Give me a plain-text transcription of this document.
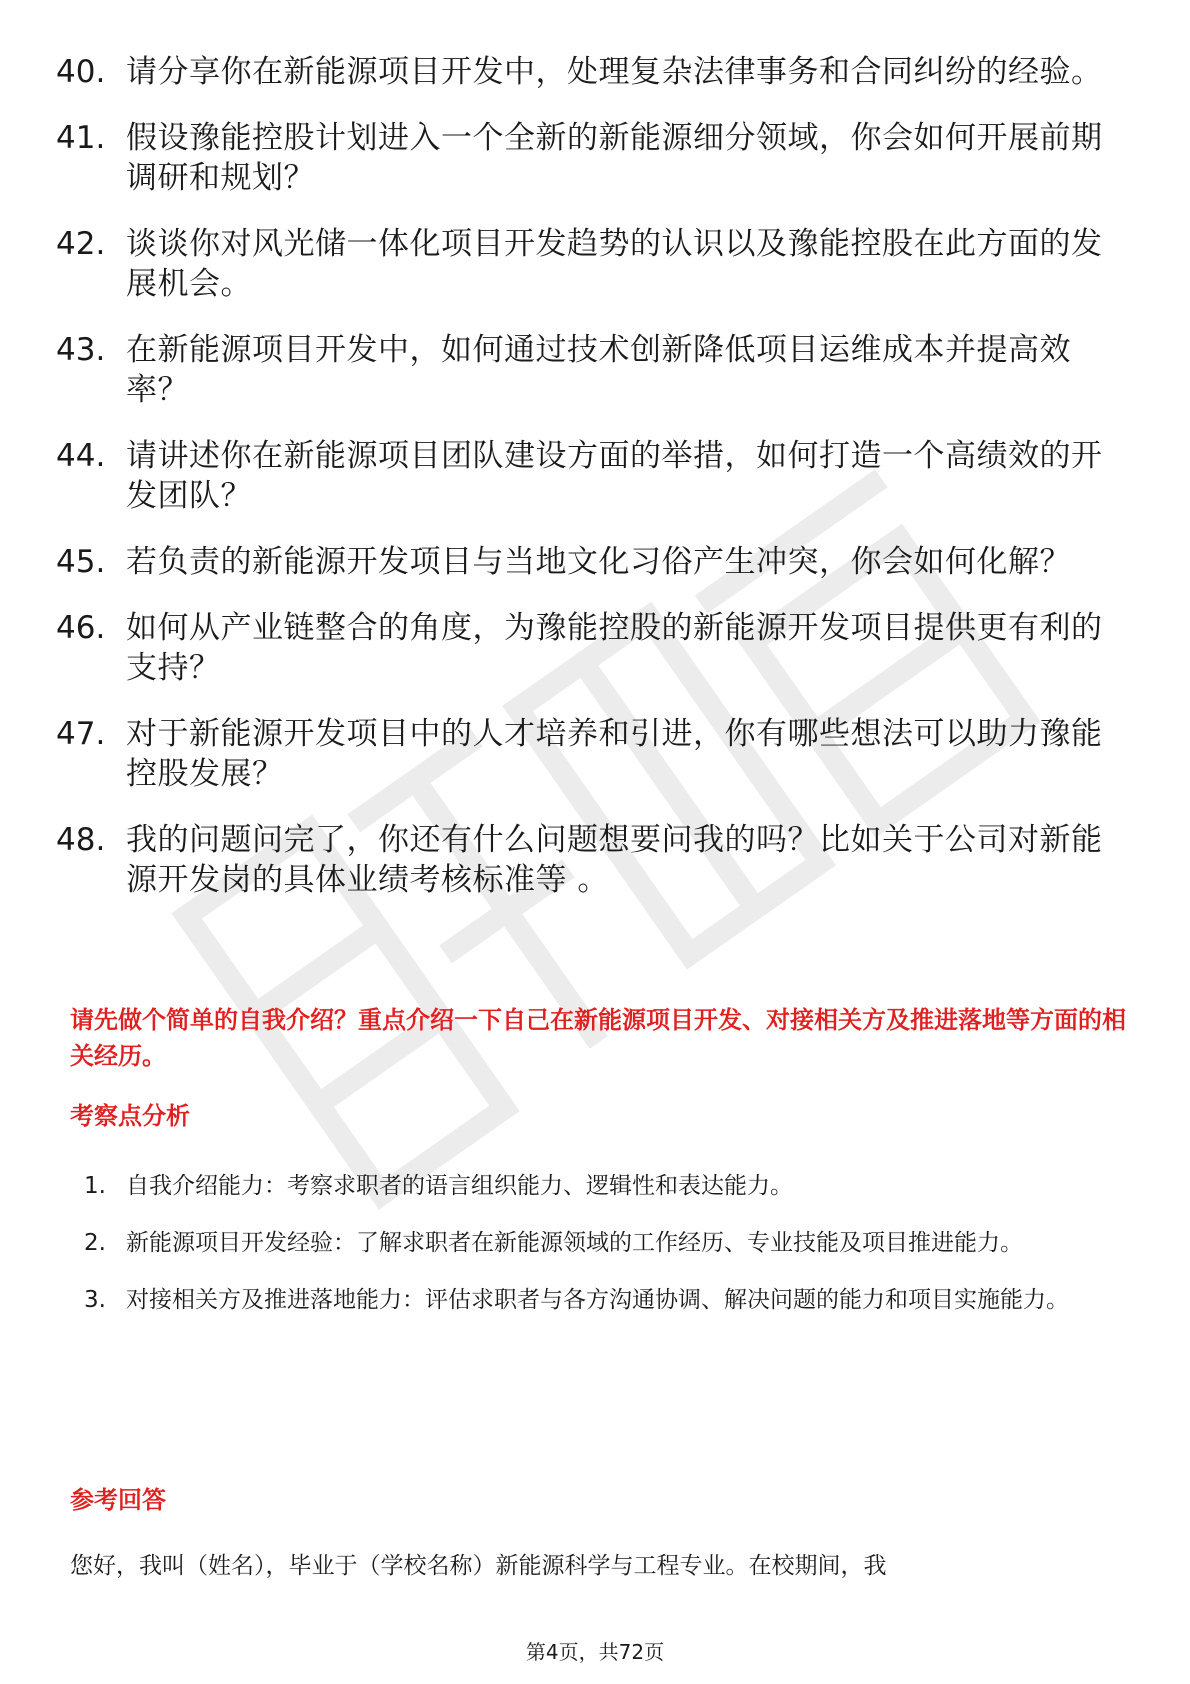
40. 请分享你在新能源项目开发中，处理复杂法律事务和合同纠纷的经验。
41. 假设豫能控股计划进入一个全新的新能源细分领域，你会如何开展前期调研和规划？
42. 谈谈你对风光储一体化项目开发趋势的认识以及豫能控股在此方面的发展机会。
43. 在新能源项目开发中，如何通过技术创新降低项目运维成本并提高效率？
44. 请讲述你在新能源项目团队建设方面的举措，如何打造一个高绩效的开发团队？
45. 若负责的新能源开发项目与当地文化习俗产生冲突，你会如何化解？
46. 如何从产业链整合的角度，为豫能控股的新能源开发项目提供更有利的支持？
47. 对于新能源开发项目中的人才培养和引进，你有哪些想法可以助力豫能控股发展？
48. 我的问题问完了，你还有什么问题想要问我的吗？比如关于公司对新能源开发岗的具体业绩考核标准等 。
请先做个简单的自我介绍？重点介绍一下自己在新能源项目开发、对接相关方及推进落地等方面的相关经历。
考察点分析
1. 自我介绍能力：考察求职者的语言组织能力、逻辑性和表达能力。
2. 新能源项目开发经验：了解求职者在新能源领域的工作经历、专业技能及项目推进能力。
3. 对接相关方及推进落地能力：评估求职者与各方沟通协调、解决问题的能力和项目实施能力。
参考回答
您好，我叫（姓名），毕业于（学校名称）新能源科学与工程专业。在校期间，我
第4页，共72页
